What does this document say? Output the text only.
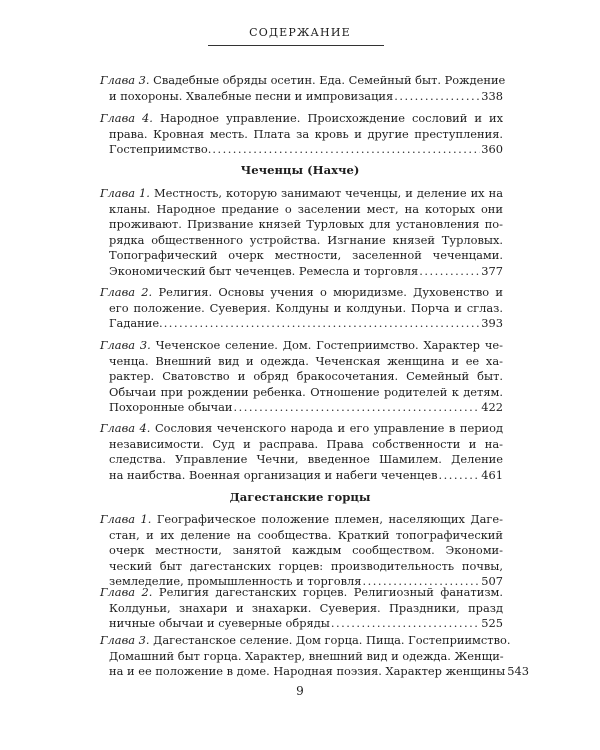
СОДЕРЖАНИЕ
Глава 3. Свадебные обряды осетин. Еда. Семейный быт. Рождение
и похороны. Хвалебные песни и импровизация .....	338
Глава 4. Народное управление. Происхождение сословий и их
права. Кровная месть. Плата за кровь и другие преступления.
Гостеприимство. .....	360
Чеченцы (Нахче)
Глава 1. Местность, которую занимают чеченцы, и деление их на
кланы. Народное предание о заселении мест, на которых они
проживают. Призвание князей Турловых для установления по-
рядка общественного устройства. Изгнание князей Турловых.
Топографический очерк местности, заселенной чеченцами.
Экономический быт чеченцев. Ремесла и торговля .....	377
Глава 2. Религия. Основы учения о мюридизме. Духовенство и
его положение. Суеверия. Колдуны и колдуньи. Порча и сглаз.
Гадание. .....	393
Глава 3. Чеченское селение. Дом. Гостеприимство. Характер че-
ченца. Внешний вид и одежда. Чеченская женщина и ее ха-
рактер. Сватовство и обряд бракосочетания. Семейный быт.
Обычаи при рождении ребенка. Отношение родителей к детям.
Похоронные обычаи .....	422
Глава 4. Сословия чеченского народа и его управление в период
независимости. Суд и расправа. Права собственности и на-
следства. Управление Чечни, введенное Шамилем. Деление
на наибства. Военная организация и набеги чеченцев .....	461
Дагестанские горцы
Глава 1. Географическое положение племен, населяющих Даге-
стан, и их деление на сообщества. Краткий топографический
очерк местности, занятой каждым сообществом. Экономи-
ческий быт дагестанских горцев: производительность почвы,
земледелие, промышленность и торговля .....	507
Глава 2. Религия дагестанских горцев. Религиозный фанатизм.
Колдуньи, знахари и знахарки. Суеверия. Праздники, празд
ничные обычаи и суеверные обряды .....	525
Глава 3. Дагестанское селение. Дом горца. Пища. Гостеприимство.
Домашний быт горца. Характер, внешний вид и одежда. Женщи-
на и ее положение в доме. Народная поэзия. Характер женщины 543
9
